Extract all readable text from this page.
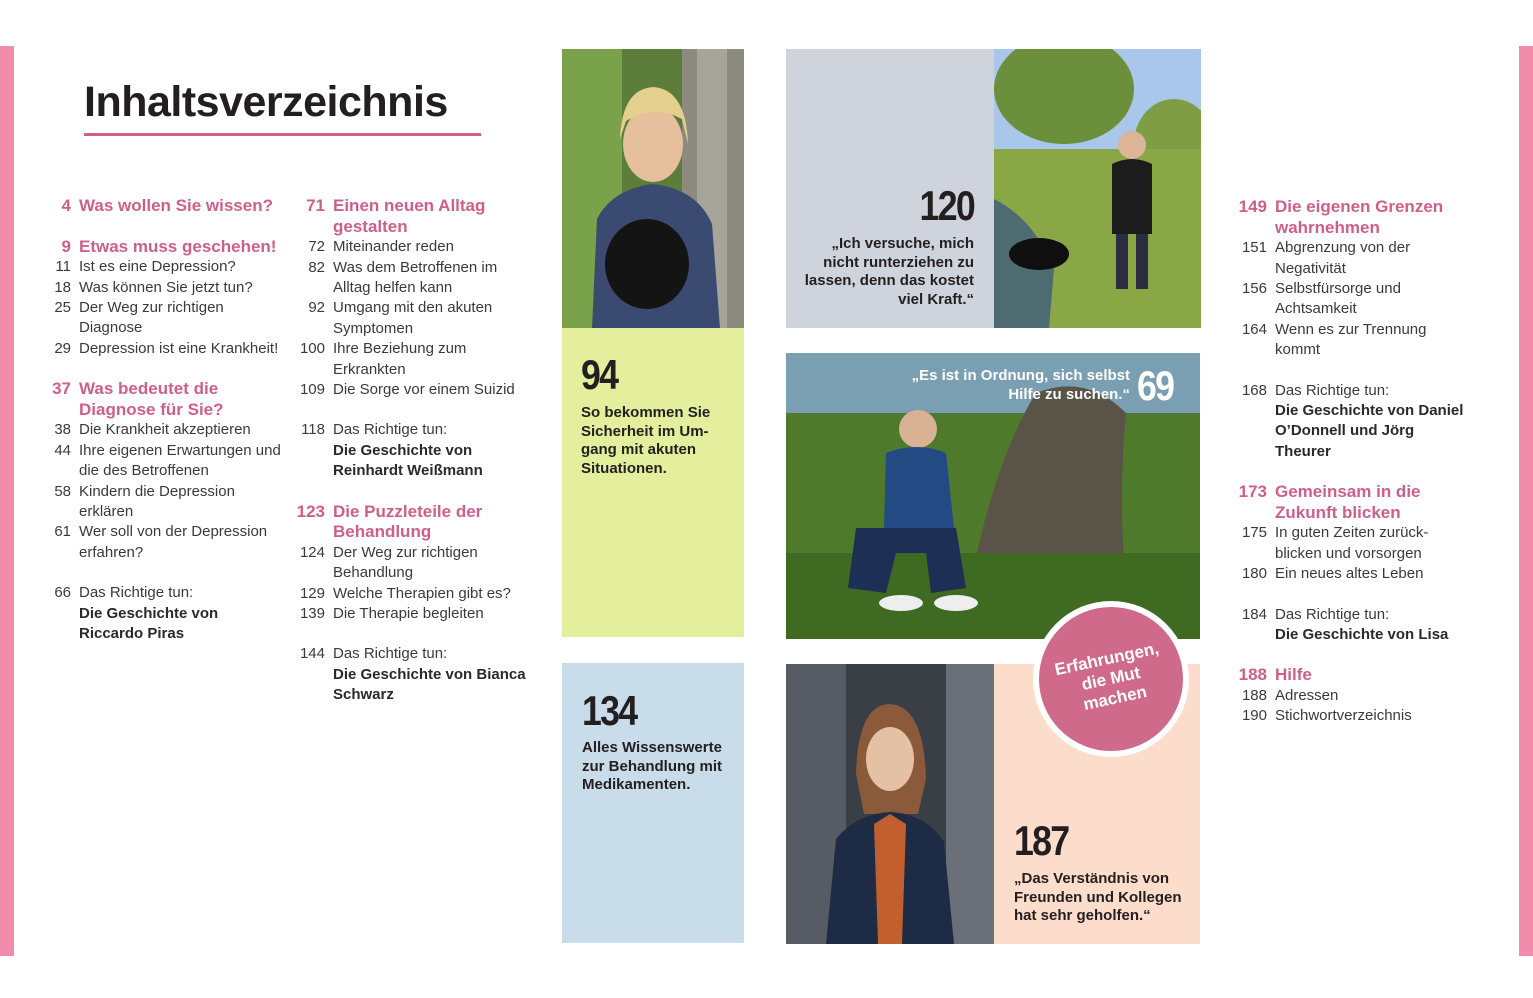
Inhaltsverzeichnis
4 Was wollen Sie wissen?
9 Etwas muss geschehen!
11 Ist es eine Depression?
18 Was können Sie jetzt tun?
25 Der Weg zur richtigen Diagnose
29 Depression ist eine Krankheit!
37 Was bedeutet die Diagnose für Sie?
38 Die Krankheit akzeptieren
44 Ihre eigenen Erwartungen und die des Betroffenen
58 Kindern die Depression erklären
61 Wer soll von der Depression erfahren?
66 Das Richtige tun:
Die Geschichte von Riccardo Piras
71 Einen neuen Alltag gestalten
72 Miteinander reden
82 Was dem Betroffenen im Alltag helfen kann
92 Umgang mit den akuten Symptomen
100 Ihre Beziehung zum Erkrankten
109 Die Sorge vor einem Suizid
118 Das Richtige tun:
Die Geschichte von Reinhardt Weißmann
123 Die Puzzleteile der Behandlung
124 Der Weg zur richtigen Behandlung
129 Welche Therapien gibt es?
139 Die Therapie begleiten
144 Das Richtige tun:
Die Geschichte von Bianca Schwarz
149 Die eigenen Grenzen wahrnehmen
151 Abgrenzung von der Negativität
156 Selbstfürsorge und Achtsamkeit
164 Wenn es zur Trennung kommt
168 Das Richtige tun:
Die Geschichte von Daniel O’Donnell und Jörg Theurer
173 Gemeinsam in die Zukunft blicken
175 In guten Zeiten zurück-blicken und vorsorgen
180 Ein neues altes Leben
184 Das Richtige tun:
Die Geschichte von Lisa
188 Hilfe
188 Adressen
190 Stichwortverzeichnis
94
So bekommen Sie Sicherheit im Um-gang mit akuten Situationen.
134
Alles Wissenswerte zur Behandlung mit Medikamenten.
120
„Ich versuche, mich nicht runterziehen zu lassen, denn das kostet viel Kraft.“
„Es ist in Ordnung, sich selbst Hilfe zu suchen.“ 69
187
„Das Verständnis von Freunden und Kollegen hat sehr geholfen.“
Erfahrungen, die Mut machen
